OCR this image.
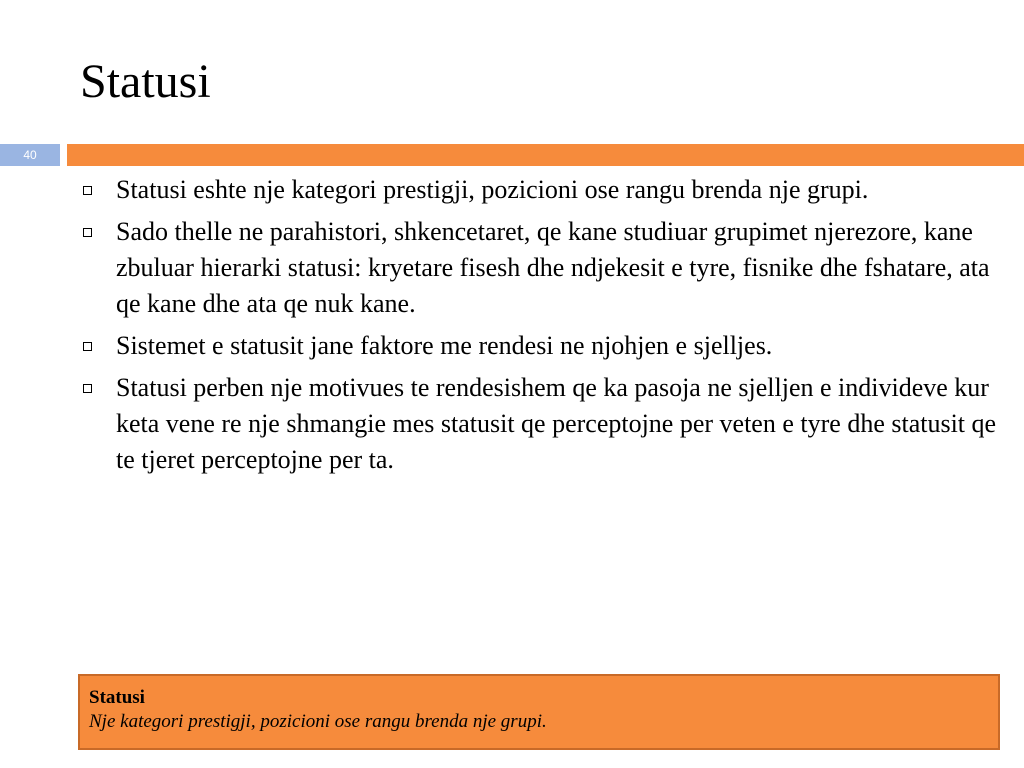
Statusi
40
Statusi eshte nje kategori prestigji, pozicioni ose rangu brenda nje grupi.
Sado thelle ne parahistori, shkencetaret, qe kane studiuar grupimet njerezore, kane zbuluar hierarki statusi: kryetare fisesh dhe ndjekesit e tyre, fisnike dhe fshatare, ata qe kane dhe ata qe nuk kane.
Sistemet e statusit jane faktore me rendesi ne njohjen e sjelljes.
Statusi perben nje motivues te rendesishem qe ka pasoja ne sjelljen e individeve kur keta vene re nje shmangie mes statusit qe perceptojne per veten e tyre dhe statusit qe te tjeret perceptojne per ta.
Statusi
Nje kategori prestigji, pozicioni ose rangu brenda nje grupi.
